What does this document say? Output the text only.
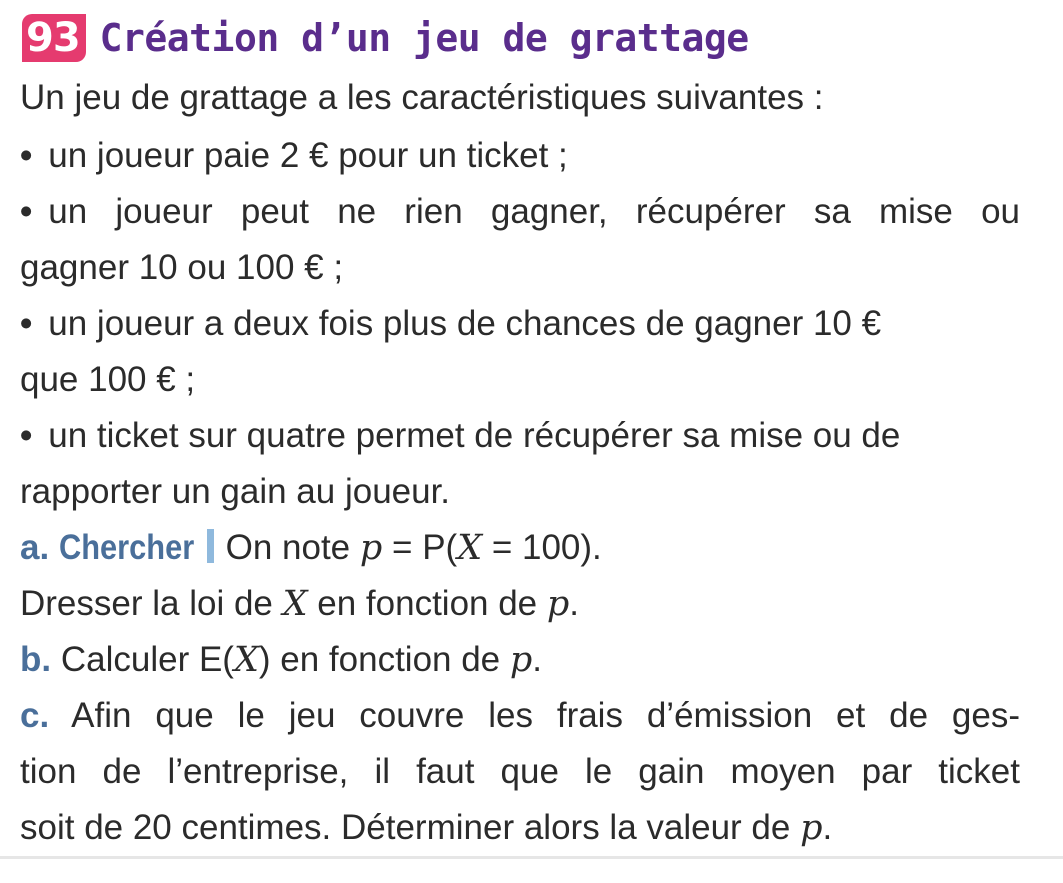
93 Création d’un jeu de grattage
Un jeu de grattage a les caractéristiques suivantes :
• un joueur paie 2 € pour un ticket ;
• un joueur peut ne rien gagner, récupérer sa mise ou
gagner 10 ou 100 € ;
• un joueur a deux fois plus de chances de gagner 10 €
que 100 € ;
• un ticket sur quatre permet de récupérer sa mise ou de
rapporter un gain au joueur.
a. Chercher On note p = P(X = 100).
Dresser la loi de X en fonction de p.
b. Calculer E(X) en fonction de p.
c. Afin que le jeu couvre les frais d’émission et de ges-
tion de l’entreprise, il faut que le gain moyen par ticket
soit de 20 centimes. Déterminer alors la valeur de p.
